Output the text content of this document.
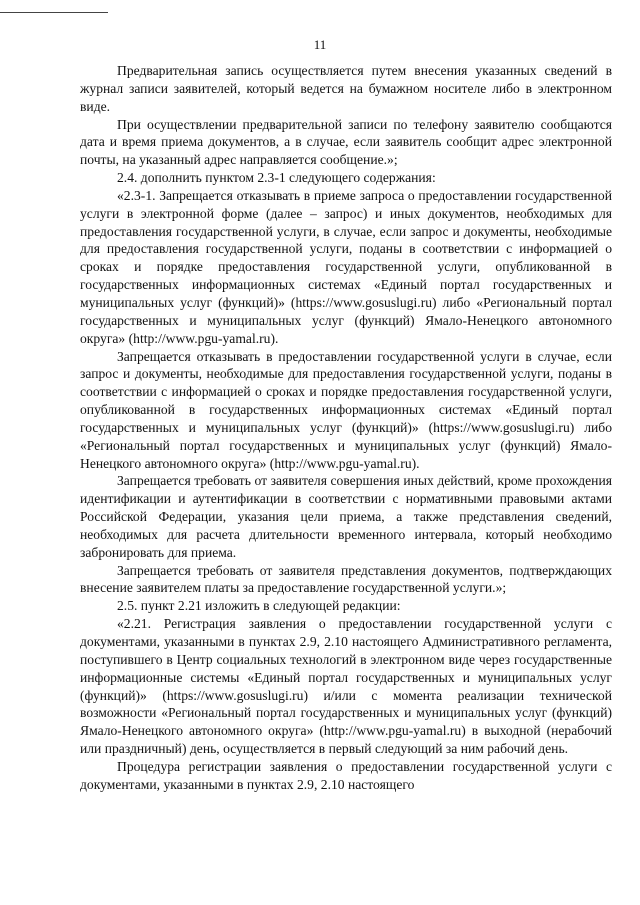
11

Предварительная запись осуществляется путем внесения указанных сведений в журнал записи заявителей, который ведется на бумажном носителе либо в электронном виде.

При осуществлении предварительной записи по телефону заявителю сообщаются дата и время приема документов, а в случае, если заявитель сообщит адрес электронной почты, на указанный адрес направляется сообщение.»;

2.4. дополнить пунктом 2.3-1 следующего содержания:

«2.3-1. Запрещается отказывать в приеме запроса о предоставлении государственной услуги в электронной форме (далее – запрос) и иных документов, необходимых для предоставления государственной услуги, в случае, если запрос и документы, необходимые для предоставления государственной услуги, поданы в соответствии с информацией о сроках и порядке предоставления государственной услуги, опубликованной в государственных информационных системах «Единый портал государственных и муниципальных услуг (функций)» (https://www.gosuslugi.ru) либо «Региональный портал государственных и муниципальных услуг (функций) Ямало-Ненецкого автономного округа» (http://www.pgu-yamal.ru).

Запрещается отказывать в предоставлении государственной услуги в случае, если запрос и документы, необходимые для предоставления государственной услуги, поданы в соответствии с информацией о сроках и порядке предоставления государственной услуги, опубликованной в государственных информационных системах «Единый портал государственных и муниципальных услуг (функций)» (https://www.gosuslugi.ru) либо «Региональный портал государственных и муниципальных услуг (функций) Ямало-Ненецкого автономного округа» (http://www.pgu-yamal.ru).

Запрещается требовать от заявителя совершения иных действий, кроме прохождения идентификации и аутентификации в соответствии с нормативными правовыми актами Российской Федерации, указания цели приема, а также представления сведений, необходимых для расчета длительности временного интервала, который необходимо забронировать для приема.

Запрещается требовать от заявителя представления документов, подтверждающих внесение заявителем платы за предоставление государственной услуги.»;

2.5. пункт 2.21 изложить в следующей редакции:

«2.21. Регистрация заявления о предоставлении государственной услуги с документами, указанными в пунктах 2.9, 2.10 настоящего Административного регламента, поступившего в Центр социальных технологий в электронном виде через государственные информационные системы «Единый портал государственных и муниципальных услуг (функций)» (https://www.gosuslugi.ru) и/или с момента реализации технической возможности «Региональный портал государственных и муниципальных услуг (функций) Ямало-Ненецкого автономного округа» (http://www.pgu-yamal.ru) в выходной (нерабочий или праздничный) день, осуществляется в первый следующий за ним рабочий день.

Процедура регистрации заявления о предоставлении государственной услуги с документами, указанными в пунктах 2.9, 2.10 настоящего
